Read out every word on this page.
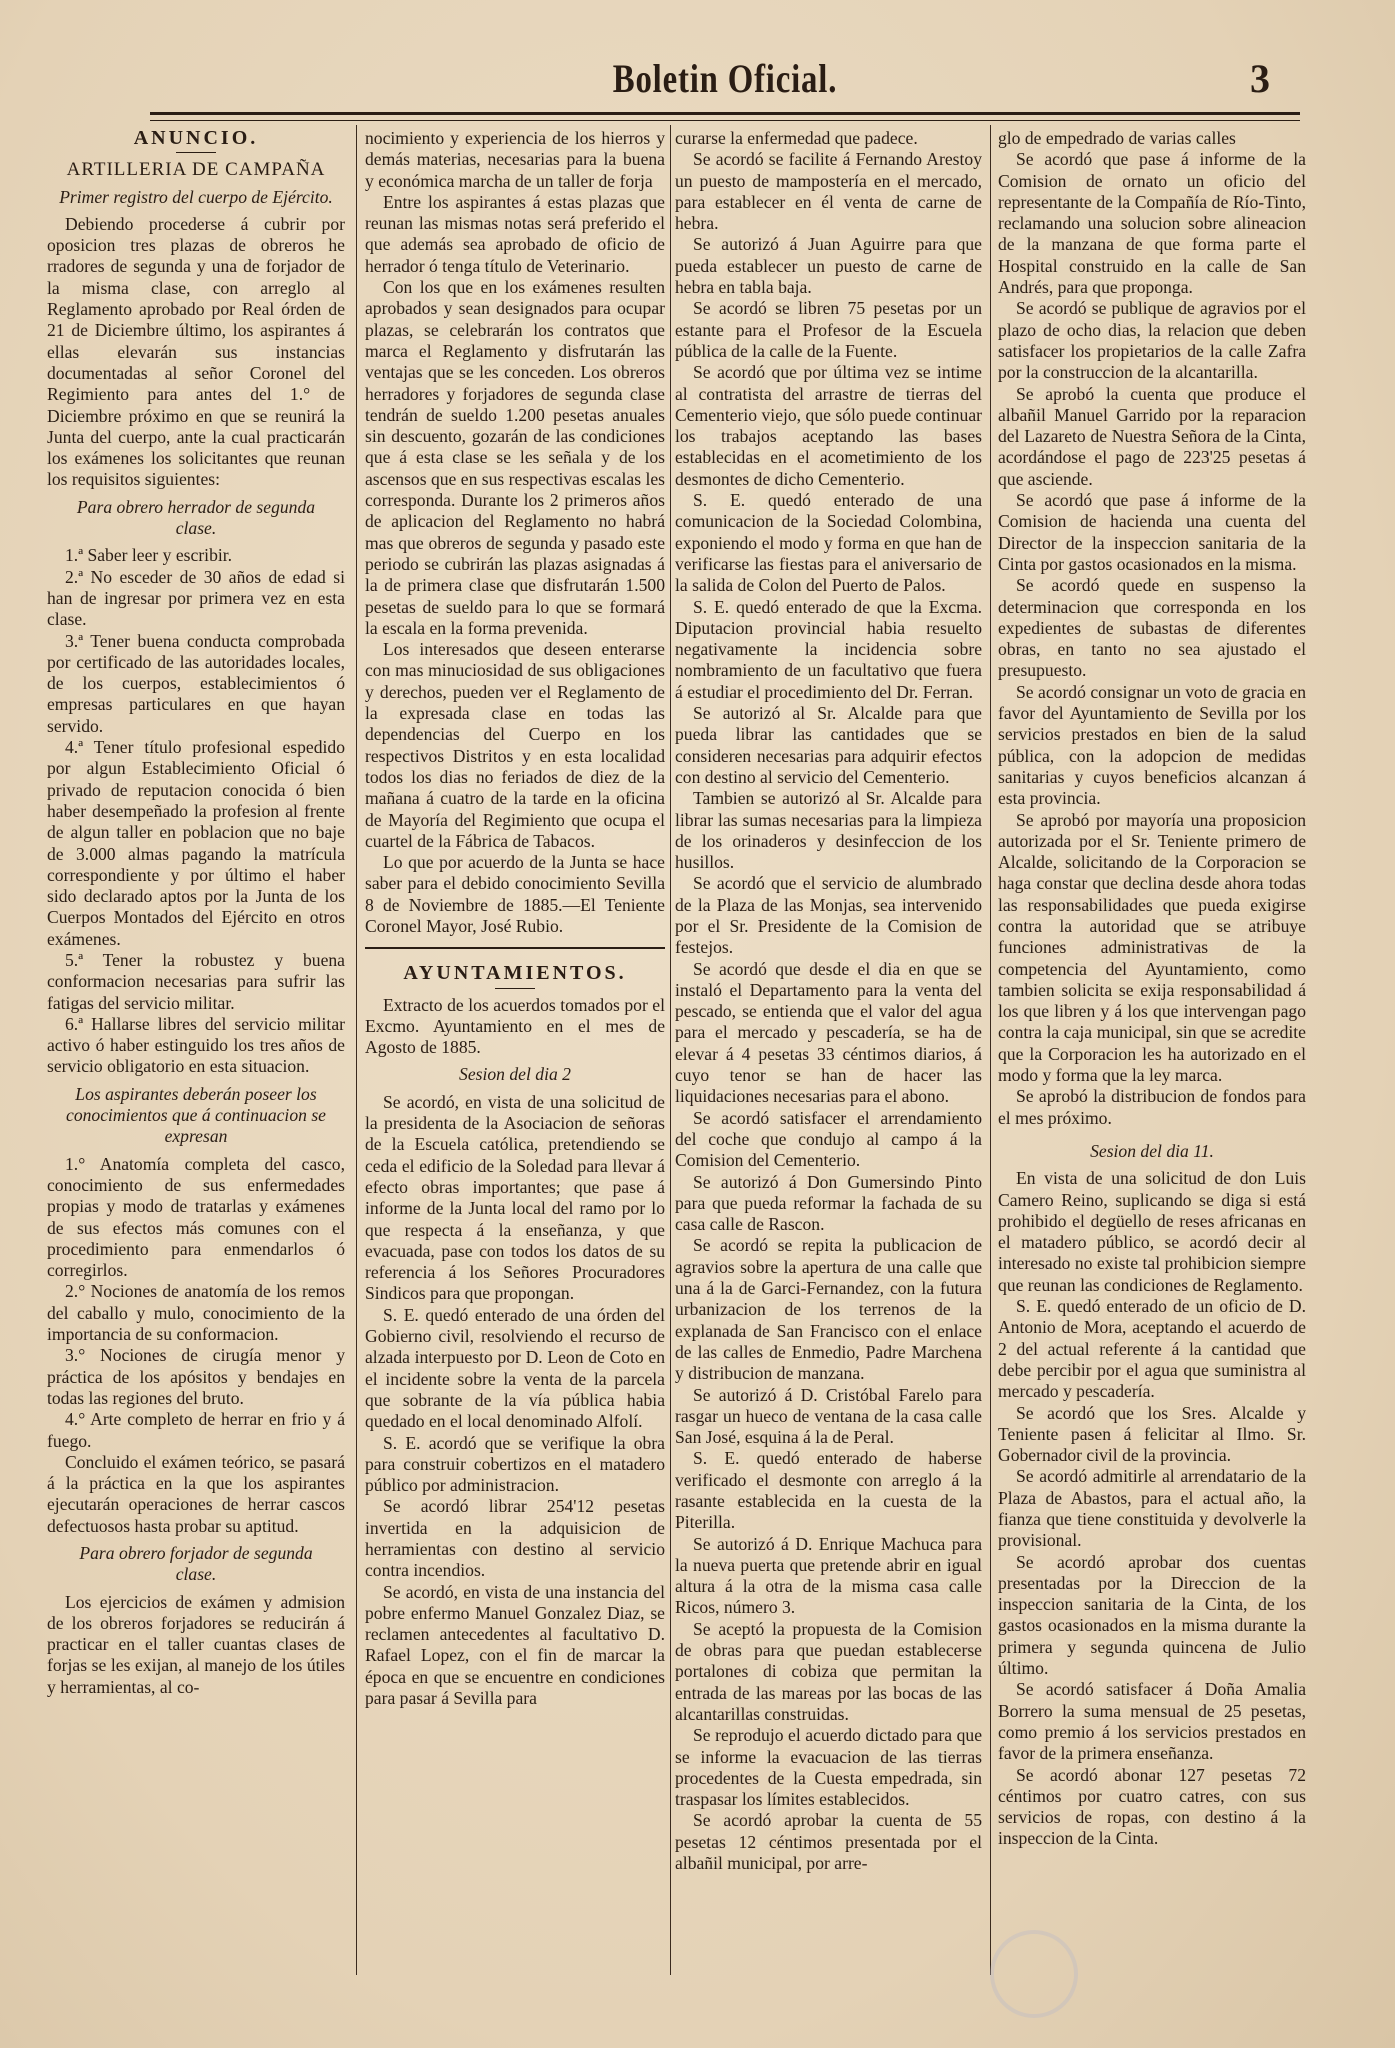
Boletin Oficial.	3

ANUNCIO.

ARTILLERIA DE CAMPAÑA

Primer registro del cuerpo de Ejército.

Debiendo procederse á cubrir por oposicion tres plazas de obreros he rradores de segunda y una de forjador de la misma clase, con arreglo al Reglamento aprobado por Real órden de 21 de Diciembre último, los aspirantes á ellas elevarán sus instancias documentadas al señor Coronel del Regimiento para antes del 1.° de Diciembre próximo en que se reunirá la Junta del cuerpo, ante la cual practicarán los exámenes los solicitantes que reunan los requisitos siguientes:

Para obrero herrador de segunda clase.

1.ª Saber leer y escribir.

2.ª No esceder de 30 años de edad si han de ingresar por primera vez en esta clase.

3.ª Tener buena conducta comprobada por certificado de las autoridades locales, de los cuerpos, establecimientos ó empresas particulares en que hayan servido.

4.ª Tener título profesional espedido por algun Establecimiento Oficial ó privado de reputacion conocida ó bien haber desempeñado la profesion al frente de algun taller en poblacion que no baje de 3.000 almas pagando la matrícula correspondiente y por último el haber sido declarado aptos por la Junta de los Cuerpos Montados del Ejército en otros exámenes.

5.ª Tener la robustez y buena conformacion necesarias para sufrir las fatigas del servicio militar.

6.ª Hallarse libres del servicio militar activo ó haber estinguido los tres años de servicio obligatorio en esta situacion.

Los aspirantes deberán poseer los conocimientos que á continuacion se expresan

1.° Anatomía completa del casco, conocimiento de sus enfermedades propias y modo de tratarlas y exámenes de sus efectos más comunes con el procedimiento para enmendarlos ó corregirlos.

2.° Nociones de anatomía de los remos del caballo y mulo, conocimiento de la importancia de su conformacion.

3.° Nociones de cirugía menor y práctica de los apósitos y bendajes en todas las regiones del bruto.

4.° Arte completo de herrar en frio y á fuego.

Concluido el exámen teórico, se pasará á la práctica en la que los aspirantes ejecutarán operaciones de herrar cascos defectuosos hasta probar su aptitud.

Para obrero forjador de segunda clase.

Los ejercicios de exámen y admision de los obreros forjadores se reducirán á practicar en el taller cuantas clases de forjas se les exijan, al manejo de los útiles y herramientas, al co-

nocimiento y experiencia de los hierros y demás materias, necesarias para la buena y económica marcha de un taller de forja

Entre los aspirantes á estas plazas que reunan las mismas notas será preferido el que además sea aprobado de oficio de herrador ó tenga título de Veterinario.

Con los que en los exámenes resulten aprobados y sean designados para ocupar plazas, se celebrarán los contratos que marca el Reglamento y disfrutarán las ventajas que se les conceden. Los obreros herradores y forjadores de segunda clase tendrán de sueldo 1.200 pesetas anuales sin descuento, gozarán de las condiciones que á esta clase se les señala y de los ascensos que en sus respectivas escalas les corresponda. Durante los 2 primeros años de aplicacion del Reglamento no habrá mas que obreros de segunda y pasado este periodo se cubrirán las plazas asignadas á la de primera clase que disfrutarán 1.500 pesetas de sueldo para lo que se formará la escala en la forma prevenida.

Los interesados que deseen enterarse con mas minuciosidad de sus obligaciones y derechos, pueden ver el Reglamento de la expresada clase en todas las dependencias del Cuerpo en los respectivos Distritos y en esta localidad todos los dias no feriados de diez de la mañana á cuatro de la tarde en la oficina de Mayoría del Regimiento que ocupa el cuartel de la Fábrica de Tabacos.

Lo que por acuerdo de la Junta se hace saber para el debido conocimiento Sevilla 8 de Noviembre de 1885.—El Teniente Coronel Mayor, José Rubio.

AYUNTAMIENTOS.

Extracto de los acuerdos tomados por el Excmo. Ayuntamiento en el mes de Agosto de 1885.

Sesion del dia 2

Se acordó, en vista de una solicitud de la presidenta de la Asociacion de señoras de la Escuela católica, pretendiendo se ceda el edificio de la Soledad para llevar á efecto obras importantes; que pase á informe de la Junta local del ramo por lo que respecta á la enseñanza, y que evacuada, pase con todos los datos de su referencia á los Señores Procuradores Sindicos para que propongan.

S. E. quedó enterado de una órden del Gobierno civil, resolviendo el recurso de alzada interpuesto por D. Leon de Coto en el incidente sobre la venta de la parcela que sobrante de la vía pública habia quedado en el local denominado Alfolí.

S. E. acordó que se verifique la obra para construir cobertizos en el matadero público por administracion.

Se acordó librar 254'12 pesetas invertida en la adquisicion de herramientas con destino al servicio contra incendios.

Se acordó, en vista de una instancia del pobre enfermo Manuel Gonzalez Diaz, se reclamen antecedentes al facultativo D. Rafael Lopez, con el fin de marcar la época en que se encuentre en condiciones para pasar á Sevilla para

curarse la enfermedad que padece.

Se acordó se facilite á Fernando Arestoy un puesto de mampostería en el mercado, para establecer en él venta de carne de hebra.

Se autorizó á Juan Aguirre para que pueda establecer un puesto de carne de hebra en tabla baja.

Se acordó se libren 75 pesetas por un estante para el Profesor de la Escuela pública de la calle de la Fuente.

Se acordó que por última vez se intime al contratista del arrastre de tierras del Cementerio viejo, que sólo puede continuar los trabajos aceptando las bases establecidas en el acometimiento de los desmontes de dicho Cementerio.

S. E. quedó enterado de una comunicacion de la Sociedad Colombina, exponiendo el modo y forma en que han de verificarse las fiestas para el aniversario de la salida de Colon del Puerto de Palos.

S. E. quedó enterado de que la Excma. Diputacion provincial habia resuelto negativamente la incidencia sobre nombramiento de un facultativo que fuera á estudiar el procedimiento del Dr. Ferran.

Se autorizó al Sr. Alcalde para que pueda librar las cantidades que se consideren necesarias para adquirir efectos con destino al servicio del Cementerio.

Tambien se autorizó al Sr. Alcalde para librar las sumas necesarias para la limpieza de los orinaderos y desinfeccion de los husillos.

Se acordó que el servicio de alumbrado de la Plaza de las Monjas, sea intervenido por el Sr. Presidente de la Comision de festejos.

Se acordó que desde el dia en que se instaló el Departamento para la venta del pescado, se entienda que el valor del agua para el mercado y pescadería, se ha de elevar á 4 pesetas 33 céntimos diarios, á cuyo tenor se han de hacer las liquidaciones necesarias para el abono.

Se acordó satisfacer el arrendamiento del coche que condujo al campo á la Comision del Cementerio.

Se autorizó á Don Gumersindo Pinto para que pueda reformar la fachada de su casa calle de Rascon.

Se acordó se repita la publicacion de agravios sobre la apertura de una calle que una á la de Garci-Fernandez, con la futura urbanizacion de los terrenos de la explanada de San Francisco con el enlace de las calles de Enmedio, Padre Marchena y distribucion de manzana.

Se autorizó á D. Cristóbal Farelo para rasgar un hueco de ventana de la casa calle San José, esquina á la de Peral.

S. E. quedó enterado de haberse verificado el desmonte con arreglo á la rasante establecida en la cuesta de la Piterilla.

Se autorizó á D. Enrique Machuca para la nueva puerta que pretende abrir en igual altura á la otra de la misma casa calle Ricos, número 3.

Se aceptó la propuesta de la Comision de obras para que puedan establecerse portalones di cobiza que permitan la entrada de las mareas por las bocas de las alcantarillas construidas.

Se reprodujo el acuerdo dictado para que se informe la evacuacion de las tierras procedentes de la Cuesta empedrada, sin traspasar los límites establecidos.

Se acordó aprobar la cuenta de 55 pesetas 12 céntimos presentada por el albañil municipal, por arre-

glo de empedrado de varias calles

Se acordó que pase á informe de la Comision de ornato un oficio del representante de la Compañía de Río-Tinto, reclamando una solucion sobre alineacion de la manzana de que forma parte el Hospital construido en la calle de San Andrés, para que proponga.

Se acordó se publique de agravios por el plazo de ocho dias, la relacion que deben satisfacer los propietarios de la calle Zafra por la construccion de la alcantarilla.

Se aprobó la cuenta que produce el albañil Manuel Garrido por la reparacion del Lazareto de Nuestra Señora de la Cinta, acordándose el pago de 223'25 pesetas á que asciende.

Se acordó que pase á informe de la Comision de hacienda una cuenta del Director de la inspeccion sanitaria de la Cinta por gastos ocasionados en la misma.

Se acordó quede en suspenso la determinacion que corresponda en los expedientes de subastas de diferentes obras, en tanto no sea ajustado el presupuesto.

Se acordó consignar un voto de gracia en favor del Ayuntamiento de Sevilla por los servicios prestados en bien de la salud pública, con la adopcion de medidas sanitarias y cuyos beneficios alcanzan á esta provincia.

Se aprobó por mayoría una proposicion autorizada por el Sr. Teniente primero de Alcalde, solicitando de la Corporacion se haga constar que declina desde ahora todas las responsabilidades que pueda exigirse contra la autoridad que se atribuye funciones administrativas de la competencia del Ayuntamiento, como tambien solicita se exija responsabilidad á los que libren y á los que intervengan pago contra la caja municipal, sin que se acredite que la Corporacion les ha autorizado en el modo y forma que la ley marca.

Se aprobó la distribucion de fondos para el mes próximo.

Sesion del dia 11.

En vista de una solicitud de don Luis Camero Reino, suplicando se diga si está prohibido el degüello de reses africanas en el matadero público, se acordó decir al interesado no existe tal prohibicion siempre que reunan las condiciones de Reglamento.

S. E. quedó enterado de un oficio de D. Antonio de Mora, aceptando el acuerdo de 2 del actual referente á la cantidad que debe percibir por el agua que suministra al mercado y pescadería.

Se acordó que los Sres. Alcalde y Teniente pasen á felicitar al Ilmo. Sr. Gobernador civil de la provincia.

Se acordó admitirle al arrendatario de la Plaza de Abastos, para el actual año, la fianza que tiene constituida y devolverle la provisional.

Se acordó aprobar dos cuentas presentadas por la Direccion de la inspeccion sanitaria de la Cinta, de los gastos ocasionados en la misma durante la primera y segunda quincena de Julio último.

Se acordó satisfacer á Doña Amalia Borrero la suma mensual de 25 pesetas, como premio á los servicios prestados en favor de la primera enseñanza.

Se acordó abonar 127 pesetas 72 céntimos por cuatro catres, con sus servicios de ropas, con destino á la inspeccion de la Cinta.
